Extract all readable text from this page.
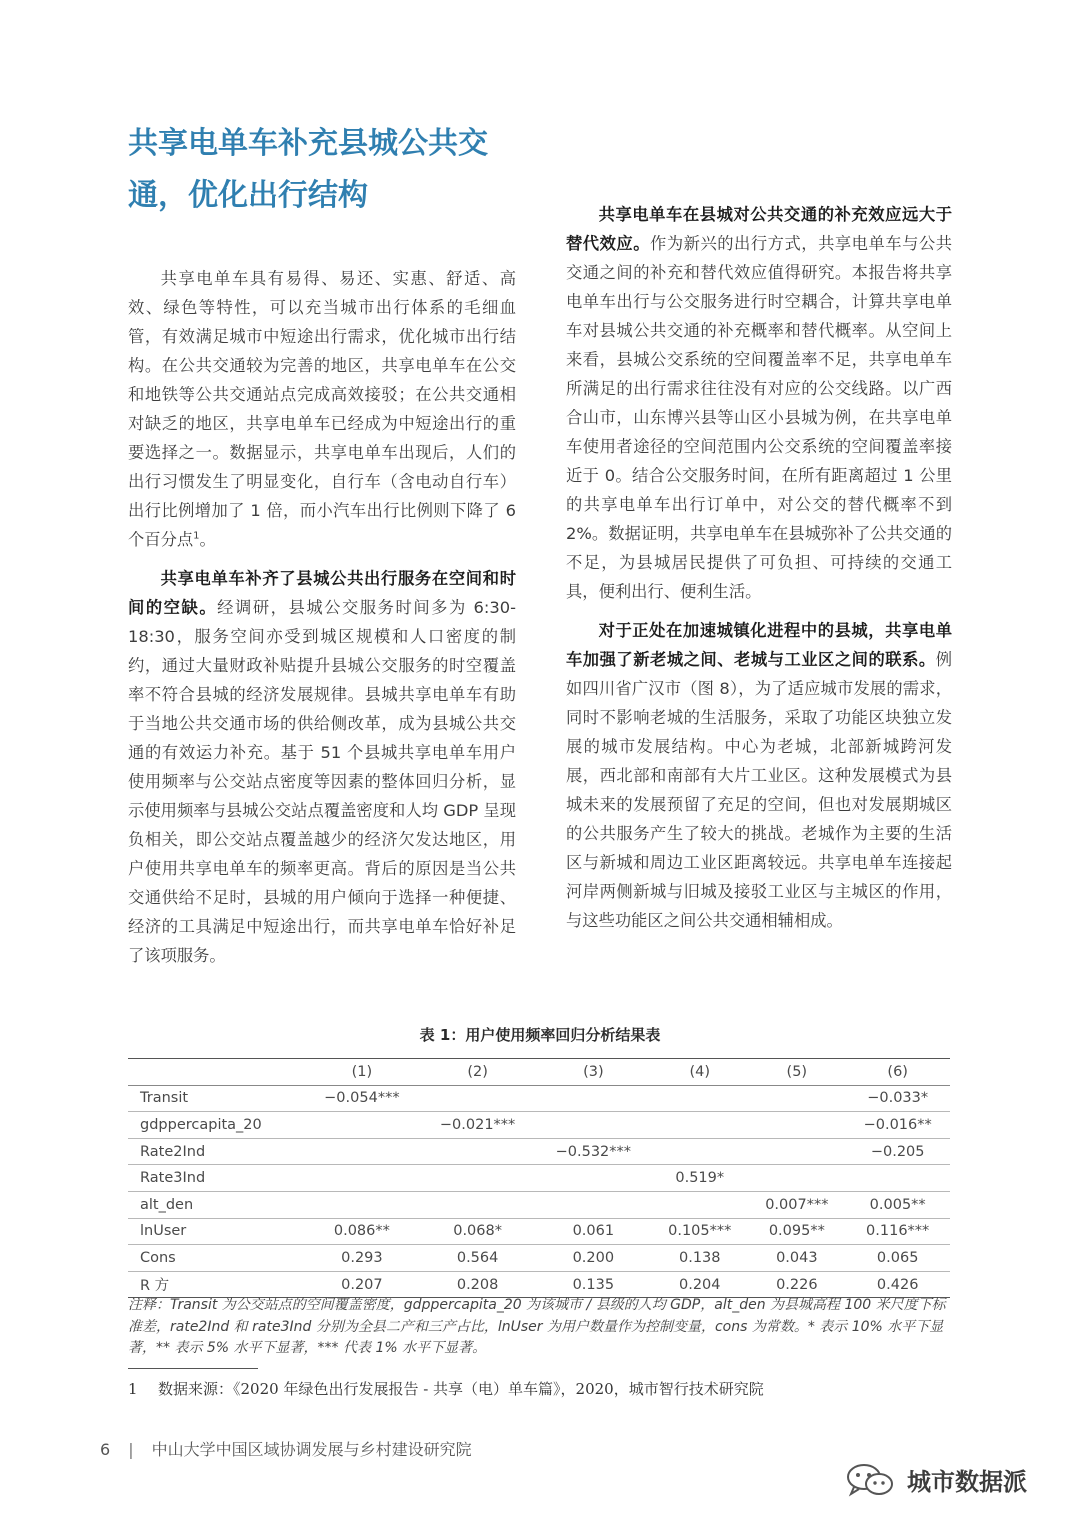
共享电单车补充县城公共交
通，优化出行结构

共享电单车具有易得、易还、实惠、舒适、高效、绿色等特性，可以充当城市出行体系的毛细血管，有效满足城市中短途出行需求，优化城市出行结构。在公共交通较为完善的地区，共享电单车在公交和地铁等公共交通站点完成高效接驳；在公共交通相对缺乏的地区，共享电单车已经成为中短途出行的重要选择之一。数据显示，共享电单车出现后，人们的出行习惯发生了明显变化，自行车（含电动自行车）出行比例增加了 1 倍，而小汽车出行比例则下降了 6 个百分点$^1$。

共享电单车补齐了县城公共出行服务在空间和时间的空缺。经调研，县城公交服务时间多为 6:30-18:30，服务空间亦受到城区规模和人口密度的制约，通过大量财政补贴提升县城公交服务的时空覆盖率不符合县城的经济发展规律。县城共享电单车有助于当地公共交通市场的供给侧改革，成为县城公共交通的有效运力补充。基于 51 个县城共享电单车用户使用频率与公交站点密度等因素的整体回归分析，显示使用频率与县城公交站点覆盖密度和人均 GDP 呈现负相关，即公交站点覆盖越少的经济欠发达地区，用户使用共享电单车的频率更高。背后的原因是当公共交通供给不足时，县城的用户倾向于选择一种便捷、经济的工具满足中短途出行，而共享电单车恰好补足了该项服务。

共享电单车在县城对公共交通的补充效应远大于替代效应。作为新兴的出行方式，共享电单车与公共交通之间的补充和替代效应值得研究。本报告将共享电单车出行与公交服务进行时空耦合，计算共享电单车对县城公共交通的补充概率和替代概率。从空间上来看，县城公交系统的空间覆盖率不足，共享电单车所满足的出行需求往往没有对应的公交线路。以广西合山市，山东博兴县等山区小县城为例，在共享电单车使用者途径的空间范围内公交系统的空间覆盖率接近于 0。结合公交服务时间，在所有距离超过 1 公里的共享电单车出行订单中，对公交的替代概率不到 2%。数据证明，共享电单车在县城弥补了公共交通的不足，为县城居民提供了可负担、可持续的交通工具，便利出行、便利生活。

对于正处在加速城镇化进程中的县城，共享电单车加强了新老城之间、老城与工业区之间的联系。例如四川省广汉市（图 8），为了适应城市发展的需求，同时不影响老城的生活服务，采取了功能区块独立发展的城市发展结构。中心为老城，北部新城跨河发展，西北部和南部有大片工业区。这种发展模式为县城未来的发展预留了充足的空间，但也对发展期城区的公共服务产生了较大的挑战。老城作为主要的生活区与新城和周边工业区距离较远。共享电单车连接起河岸两侧新城与旧城及接驳工业区与主城区的作用，与这些功能区之间公共交通相辅相成。

表 1：用户使用频率回归分析结果表
	(1)	(2)	(3)	(4)	(5)	(6)
Transit	−0.054***					−0.033*
gdppercapita_20		−0.021***				−0.016**
Rate2Ind			−0.532***			−0.205
Rate3Ind				0.519*		
alt_den					0.007***	0.005**
lnUser	0.086**	0.068*	0.061	0.105***	0.095**	0.116***
Cons	0.293	0.564	0.200	0.138	0.043	0.065
R 方	0.207	0.208	0.135	0.204	0.226	0.426

注释：Transit 为公交站点的空间覆盖密度，gdppercapita_20 为该城市 / 县级的人均 GDP，alt_den 为县城高程 100 米尺度下标准差，rate2Ind 和 rate3Ind 分别为全县二产和三产占比，lnUser 为用户数量作为控制变量，cons 为常数。* 表示 10% 水平下显著，** 表示 5% 水平下显著，*** 代表 1% 水平下显著。

1 数据来源：《2020 年绿色出行发展报告 - 共享（电）单车篇》，2020，城市智行技术研究院
6 | 中山大学中国区域协调发展与乡村建设研究院
城市数据派
